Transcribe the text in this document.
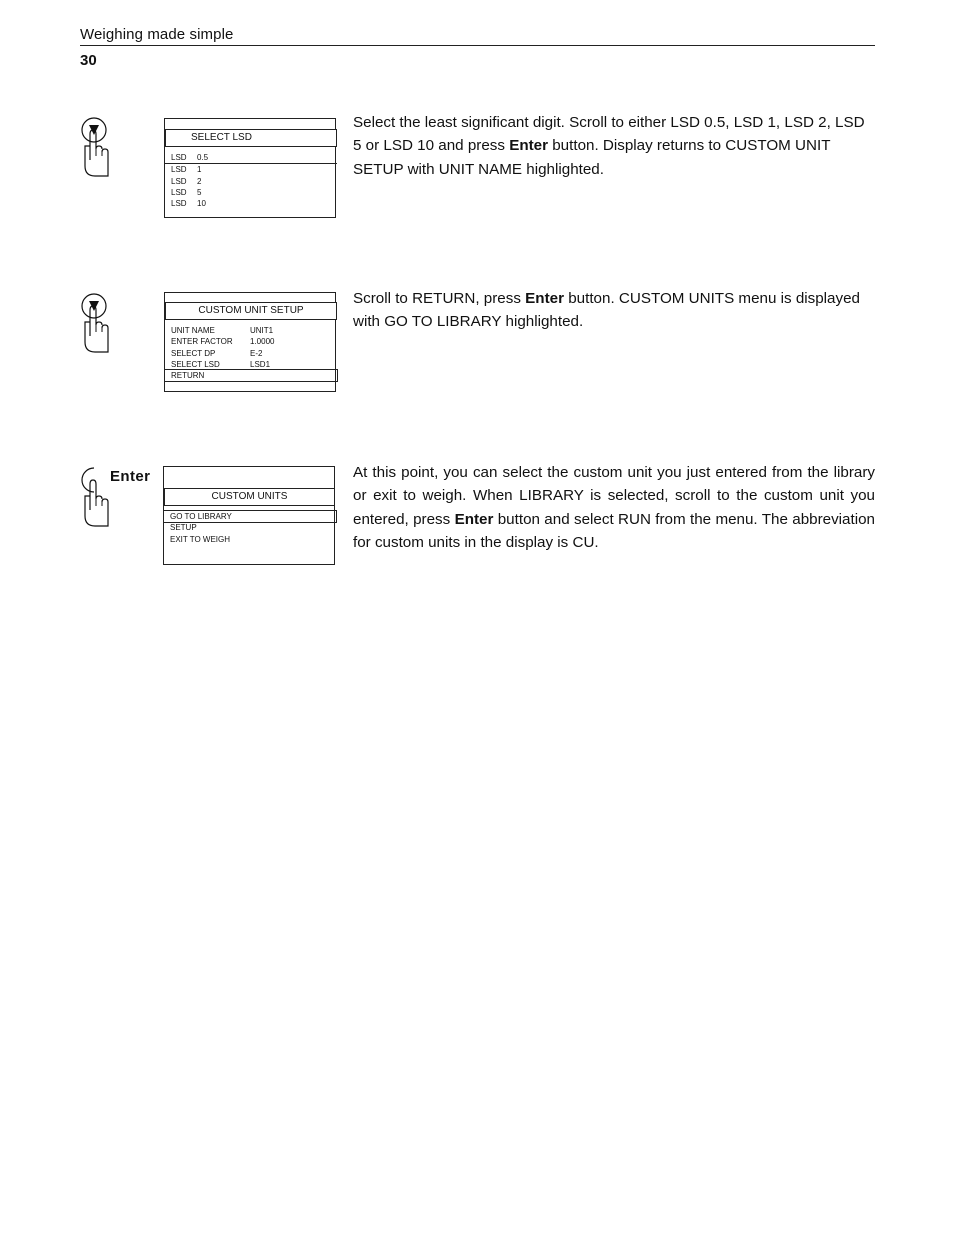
Weighing made simple
30
SELECT LSD
LSD	0.5
LSD	1
LSD	2
LSD	5
LSD	10
Select the least significant digit. Scroll to either LSD 0.5, LSD 1, LSD 2, LSD 5 or LSD 10 and press Enter button. Display returns to CUSTOM UNIT SETUP with UNIT NAME highlighted.
CUSTOM UNIT SETUP
UNIT NAME	UNIT1
ENTER FACTOR	1.0000
SELECT DP	E-2
SELECT LSD	LSD1
RETURN
Scroll to RETURN, press Enter button. CUSTOM UNITS menu is displayed with GO TO LIBRARY highlighted.
Enter
CUSTOM UNITS
GO TO LIBRARY
SETUP
EXIT TO WEIGH
At this point, you can select the custom unit you just entered from the library or exit to weigh. When LIBRARY is selected, scroll to the custom unit you entered, press Enter button and select RUN from the menu. The abbreviation for custom units in the display is CU.
